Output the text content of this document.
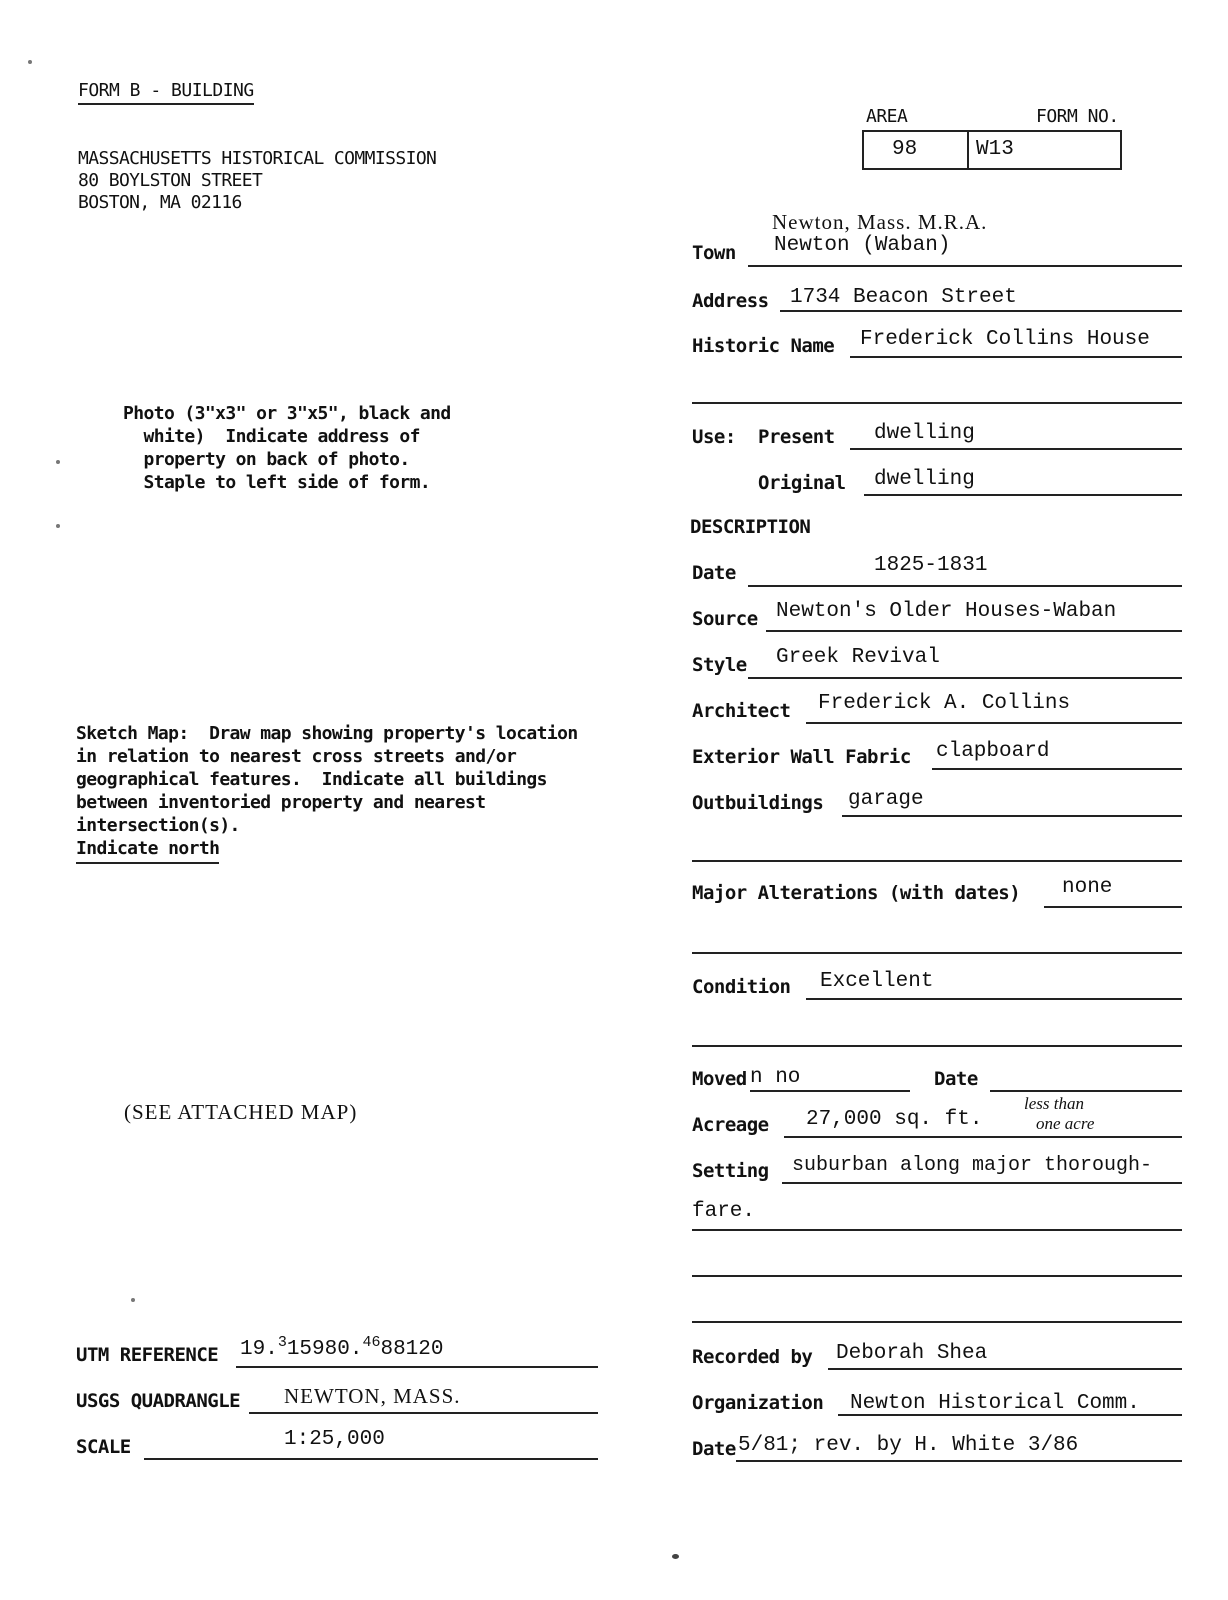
FORM B - BUILDING
MASSACHUSETTS HISTORICAL COMMISSION
80 BOYLSTON STREET
BOSTON, MA 02116
AREA	FORM NO.
98	W13
Photo (3"x3" or 3"x5", black and
white)  Indicate address of
property on back of photo.
Staple to left side of form.
Sketch Map:  Draw map showing property's location
in relation to nearest cross streets and/or
geographical features.  Indicate all buildings
between inventoried property and nearest
intersection(s).
Indicate north
(SEE ATTACHED MAP)
UTM REFERENCE 19.$^3$15980.4688120
USGS QUADRANGLE NEWTON, MASS.
SCALE	1:25,000
Newton, Mass. M.R.A.
Town Newton (Waban)
Address 1734 Beacon Street
Historic Name Frederick Collins House
Use: Present dwelling
Original dwelling
DESCRIPTION
Date	1825-1831
Source Newton's Older Houses-Waban
Style Greek Revival
Architect Frederick A. Collins
Exterior Wall Fabric clapboard
Outbuildings garage
Major Alterations (with dates) none
Condition Excellent
Moved n no	Date
Acreage 27,000 sq. ft.
less than
one acre
Setting suburban along major thorough-
fare.
Recorded by Deborah Shea
Organization Newton Historical Comm.
Date 5/81; rev. by H. White 3/86
